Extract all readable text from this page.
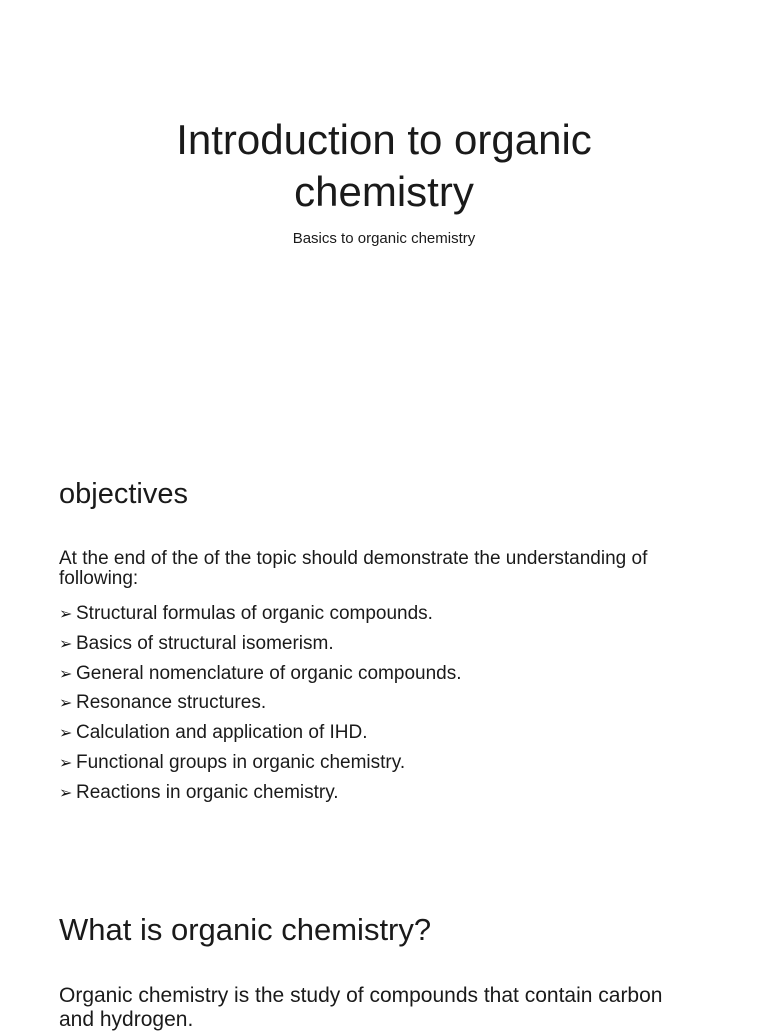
Introduction to organic chemistry

Basics to organic chemistry

objectives

At the end of the of the topic should demonstrate the understanding of following:

➢ Structural formulas of organic compounds.
➢ Basics of structural isomerism.
➢ General nomenclature of organic compounds.
➢ Resonance structures.
➢ Calculation and application of IHD.
➢ Functional groups in organic chemistry.
➢ Reactions in organic chemistry.
What is organic chemistry?

Organic chemistry is the study of compounds that contain carbon and hydrogen.
